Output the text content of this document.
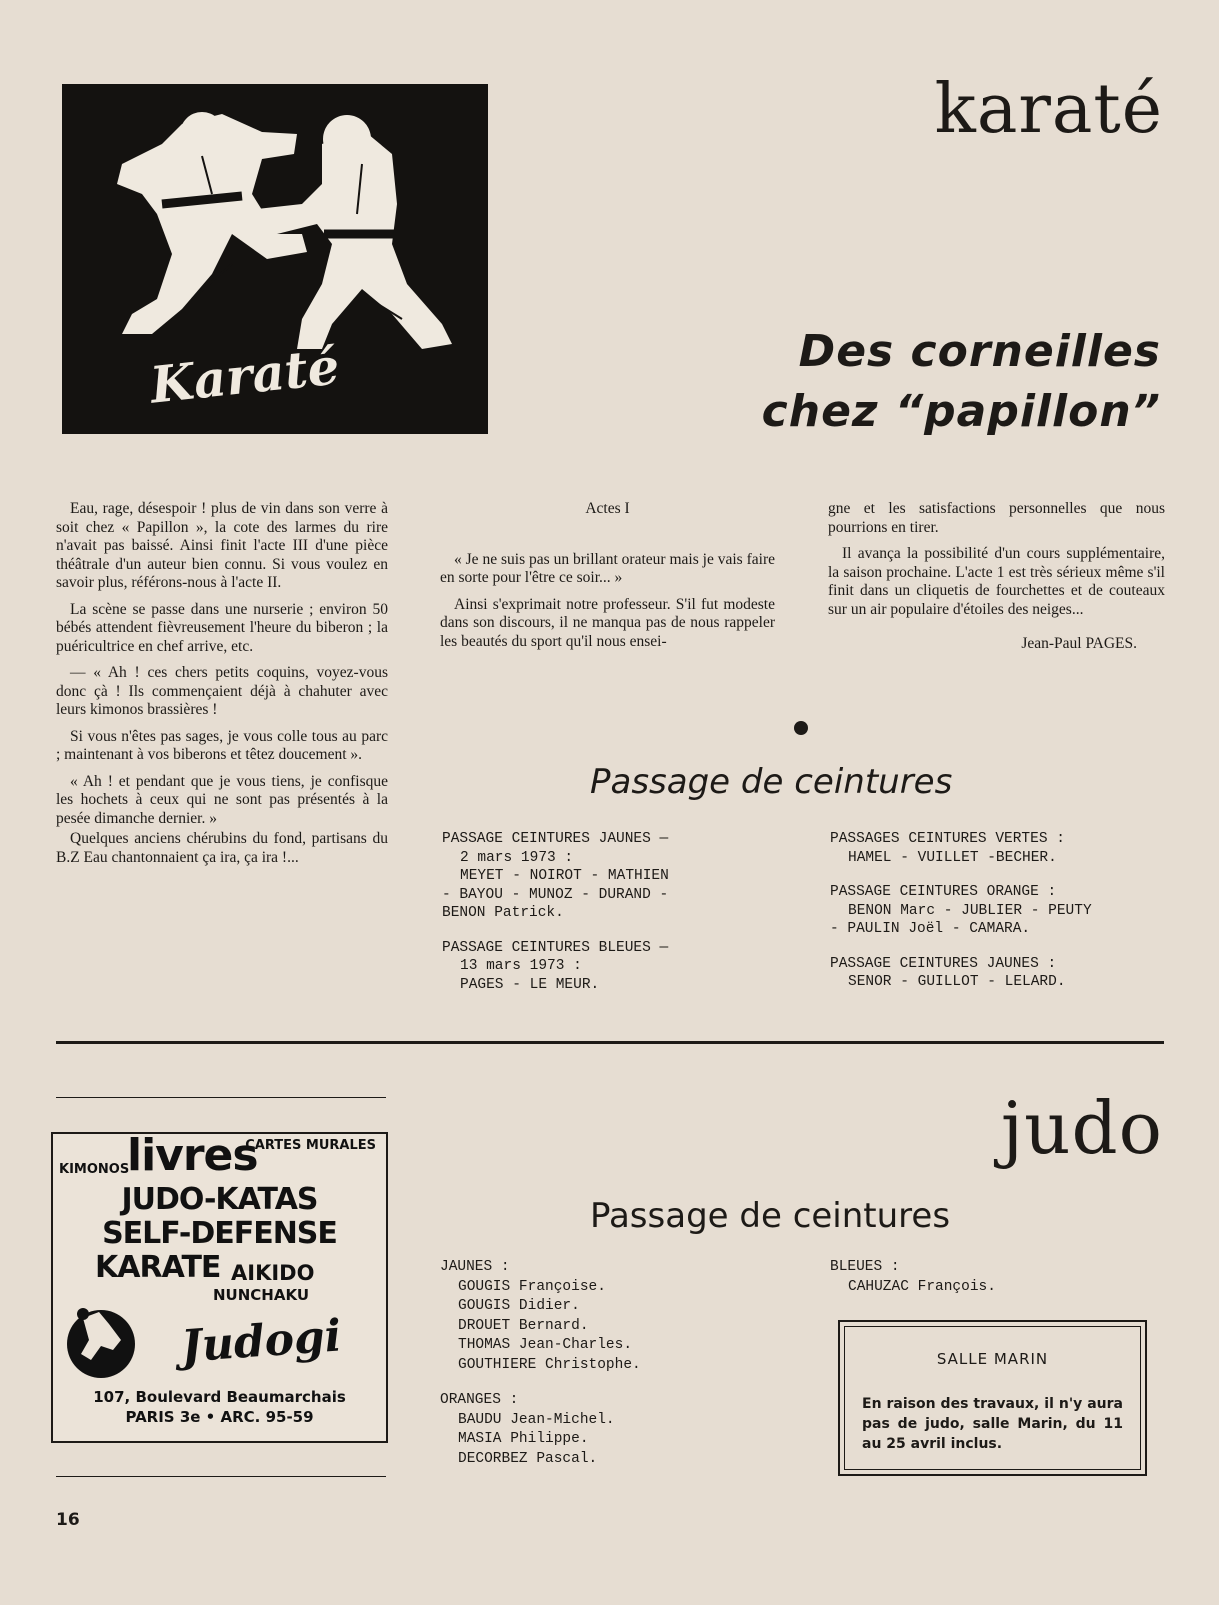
Karaté
karaté
Des corneilles
chez “papillon”

Eau, rage, désespoir ! plus de vin dans son verre à soit chez « Papillon », la cote des larmes du rire n'avait pas baissé. Ainsi finit l'acte III d'une pièce théâtrale d'un auteur bien connu. Si vous voulez en savoir plus, référons-nous à l'acte II.

La scène se passe dans une nurserie ; environ 50 bébés attendent fièvreusement l'heure du biberon ; la puéricultrice en chef arrive, etc.

— « Ah ! ces chers petits coquins, voyez-vous donc çà ! Ils commençaient déjà à chahuter avec leurs kimonos brassières !

Si vous n'êtes pas sages, je vous colle tous au parc ; maintenant à vos biberons et têtez doucement ».

« Ah ! et pendant que je vous tiens, je confisque les hochets à ceux qui ne sont pas présentés à la pesée dimanche dernier. »

Quelques anciens chérubins du fond, partisans du B.Z Eau chantonnaient ça ira, ça ira !...

Actes I

« Je ne suis pas un brillant orateur mais je vais faire en sorte pour l'être ce soir... »

Ainsi s'exprimait notre professeur. S'il fut modeste dans son discours, il ne manqua pas de nous rappeler les beautés du sport qu'il nous ensei-

gne et les satisfactions personnelles que nous pourrions en tirer.

Il avança la possibilité d'un cours supplémentaire, la saison prochaine. L'acte 1 est très sérieux même s'il finit dans un cliquetis de fourchettes et de couteaux sur un air populaire d'étoiles des neiges...

Jean-Paul PAGES.
Passage de ceintures

PASSAGE CEINTURES JAUNES —
2 mars 1973 :
MEYET - NOIROT - MATHIEN
- BAYOU - MUNOZ - DURAND -
BENON Patrick.

PASSAGE CEINTURES BLEUES —
13 mars 1973 :
PAGES - LE MEUR.

PASSAGES CEINTURES VERTES :
HAMEL - VUILLET -BECHER.

PASSAGE CEINTURES ORANGE :
BENON Marc - JUBLIER - PEUTY
- PAULIN Joël - CAMARA.

PASSAGE CEINTURES JAUNES :
SENOR - GUILLOT - LELARD.

judo
Passage de ceintures
JAUNES :
GOUGIS Françoise.
GOUGIS Didier.
DROUET Bernard.
THOMAS Jean-Charles.
GOUTHIERE Christophe.
ORANGES :
BAUDU Jean-Michel.
MASIA Philippe.
DECORBEZ Pascal.
BLEUES :
CAHUZAC François.
SALLE MARIN
En raison des travaux, il n'y aura pas de judo, salle Marin, du 11 au 25 avril inclus.
CARTES MURALES
KIMONOS
livres
JUDO-KATAS
SELF-DEFENSE
KARATE AIKIDO
NUNCHAKU
Judogi
107, Boulevard Beaumarchais
PARIS 3e • ARC. 95-59
16
